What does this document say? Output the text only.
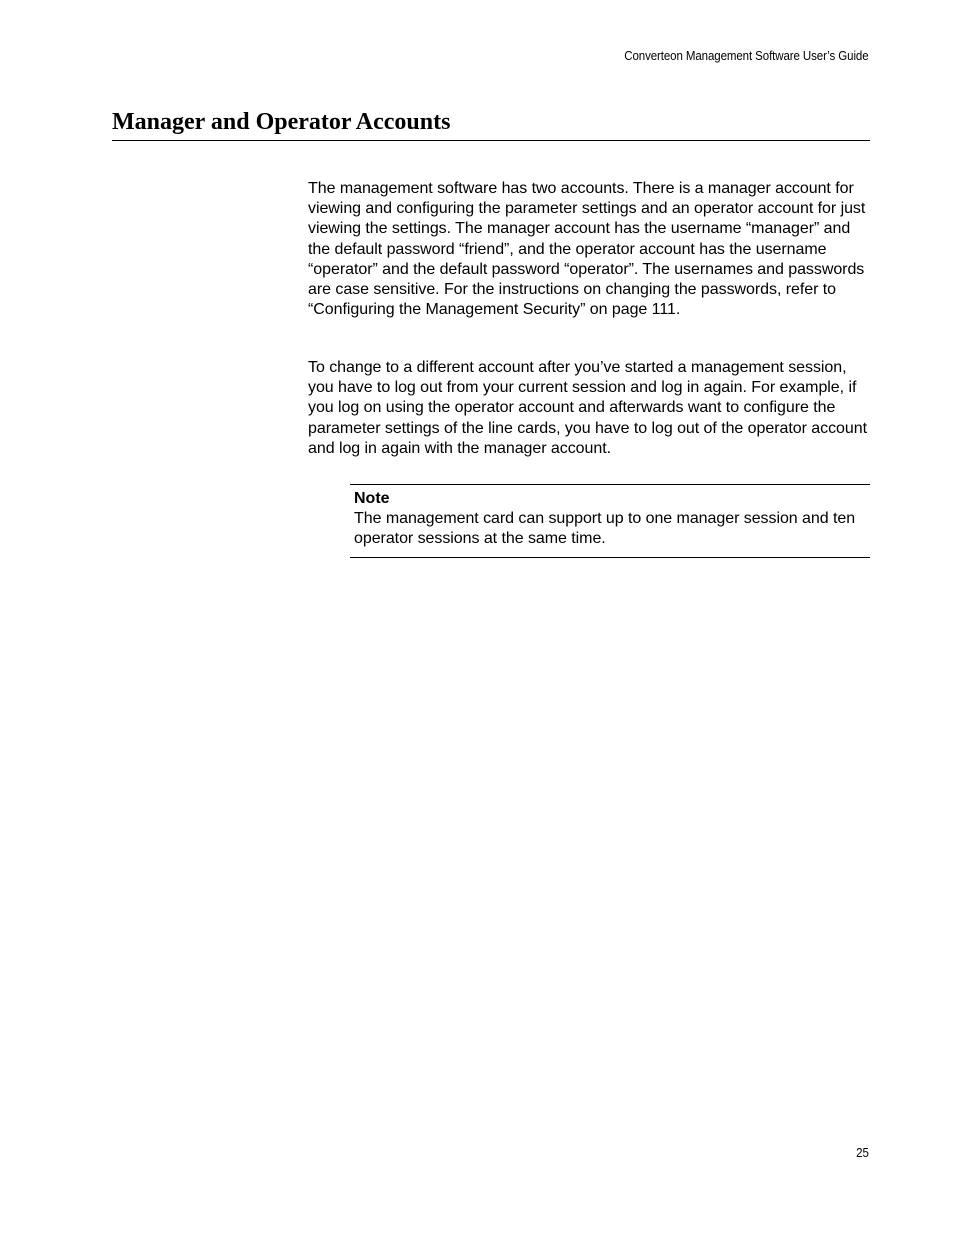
Converteon Management Software User’s Guide
Manager and Operator Accounts

The management software has two accounts. There is a manager account for viewing and configuring the parameter settings and an operator account for just viewing the settings. The manager account has the username “manager” and the default password “friend”, and the operator account has the username “operator” and the default password “operator”. The usernames and passwords are case sensitive. For the instructions on changing the passwords, refer to “Configuring the Management Security” on page 111.

To change to a different account after you’ve started a management session, you have to log out from your current session and log in again. For example, if you log on using the operator account and afterwards want to configure the parameter settings of the line cards, you have to log out of the operator account and log in again with the manager account.

Note

The management card can support up to one manager session and ten operator sessions at the same time.

25
